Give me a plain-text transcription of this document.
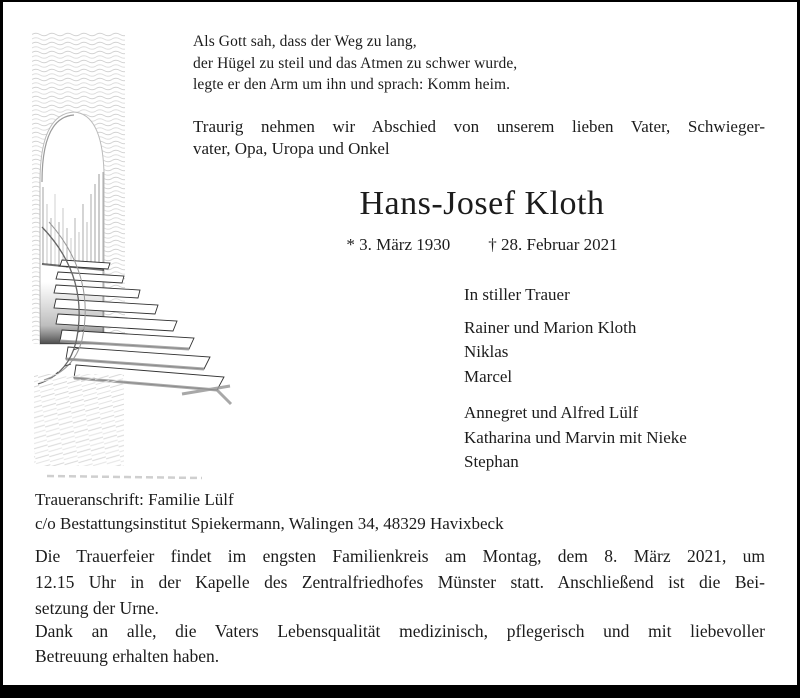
Als Gott sah, dass der Weg zu lang,
der Hügel zu steil und das Atmen zu schwer wurde,
legte er den Arm um ihn und sprach: Komm heim.
Traurig nehmen wir Abschied von unserem lieben Vater, Schwieger-
vater, Opa, Uropa und Onkel
Hans-Josef Kloth
* 3. März 1930 † 28. Februar 2021
In stiller Trauer
Rainer und Marion Kloth
Niklas
Marcel
Annegret und Alfred Lülf
Katharina und Marvin mit Nieke
Stephan
Traueranschrift: Familie Lülf
c/o Bestattungsinstitut Spiekermann, Walingen 34, 48329 Havixbeck
Die Trauerfeier findet im engsten Familienkreis am Montag, dem 8. März 2021, um
12.15 Uhr in der Kapelle des Zentralfriedhofes Münster statt. Anschließend ist die Bei-
setzung der Urne.
Dank an alle, die Vaters Lebensqualität medizinisch, pflegerisch und mit liebevoller
Betreuung erhalten haben.
